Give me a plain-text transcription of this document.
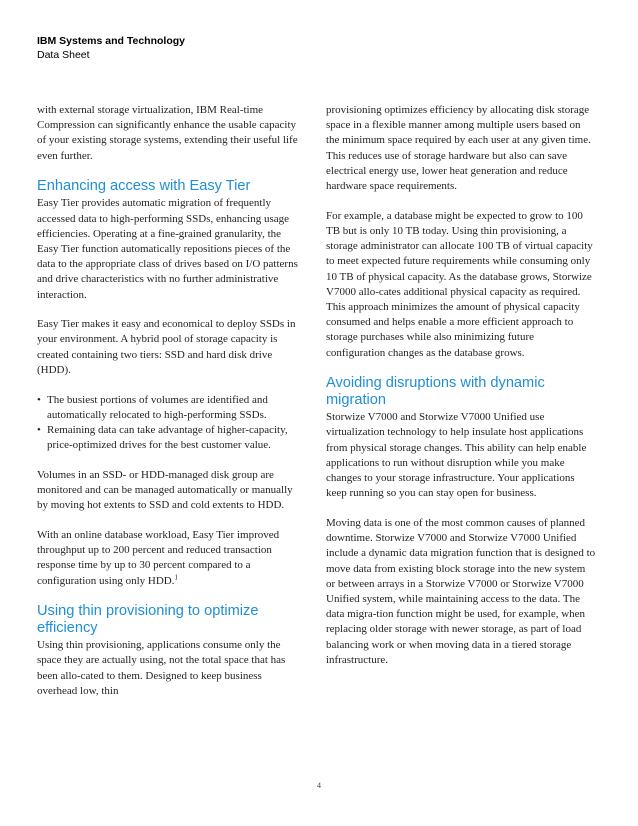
IBM Systems and Technology
Data Sheet

with external storage virtualization, IBM Real-time Compression can significantly enhance the usable capacity of your existing storage systems, extending their useful life even further.

Enhancing access with Easy Tier

Easy Tier provides automatic migration of frequently accessed data to high-performing SSDs, enhancing usage efficiencies. Operating at a fine-grained granularity, the Easy Tier function automatically repositions pieces of the data to the appropriate class of drives based on I/O patterns and drive characteristics with no further administrative interaction.

Easy Tier makes it easy and economical to deploy SSDs in your environment. A hybrid pool of storage capacity is created containing two tiers: SSD and hard disk drive (HDD).

• The busiest portions of volumes are identified and automatically relocated to high-performing SSDs.
• Remaining data can take advantage of higher-capacity, price-optimized drives for the best customer value.

Volumes in an SSD- or HDD-managed disk group are monitored and can be managed automatically or manually by moving hot extents to SSD and cold extents to HDD.

With an online database workload, Easy Tier improved throughput up to 200 percent and reduced transaction response time by up to 30 percent compared to a configuration using only HDD.$^1$

Using thin provisioning to optimize efficiency

Using thin provisioning, applications consume only the space they are actually using, not the total space that has been allo-cated to them. Designed to keep business overhead low, thin

provisioning optimizes efficiency by allocating disk storage space in a flexible manner among multiple users based on the minimum space required by each user at any given time. This reduces use of storage hardware but also can save electrical energy use, lower heat generation and reduce hardware space requirements.

For example, a database might be expected to grow to 100 TB but is only 10 TB today. Using thin provisioning, a storage administrator can allocate 100 TB of virtual capacity to meet expected future requirements while consuming only 10 TB of physical capacity. As the database grows, Storwize V7000 allo-cates additional physical capacity as required. This approach minimizes the amount of physical capacity consumed and helps enable a more efficient approach to storage purchases while also minimizing future configuration changes as the database grows.

Avoiding disruptions with dynamic migration

Storwize V7000 and Storwize V7000 Unified use virtualization technology to help insulate host applications from physical storage changes. This ability can help enable applications to run without disruption while you make changes to your storage infrastructure. Your applications keep running so you can stay open for business.

Moving data is one of the most common causes of planned downtime. Storwize V7000 and Storwize V7000 Unified include a dynamic data migration function that is designed to move data from existing block storage into the new system or between arrays in a Storwize V7000 or Storwize V7000 Unified system, while maintaining access to the data. The data migra-tion function might be used, for example, when replacing older storage with newer storage, as part of load balancing work or when moving data in a tiered storage infrastructure.

4
